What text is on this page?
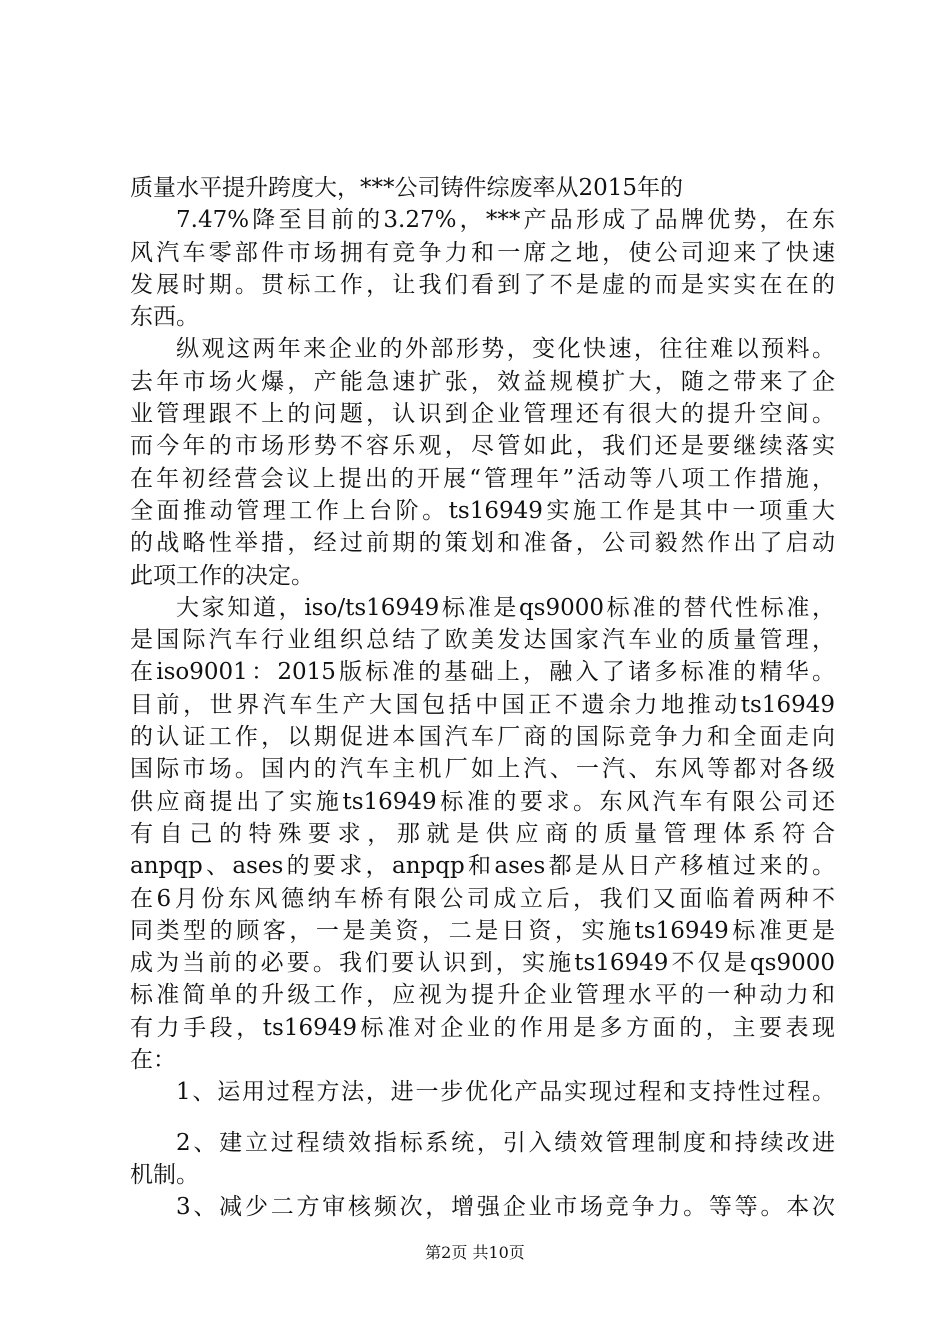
质量水平提升跨度大，***公司铸件综废率从2015年的
7.47%降至目前的3.27%，***产品形成了品牌优势，在东
风汽车零部件市场拥有竞争力和一席之地，使公司迎来了快速
发展时期。贯标工作，让我们看到了不是虚的而是实实在在的
东西。
纵观这两年来企业的外部形势，变化快速，往往难以预料。
去年市场火爆，产能急速扩张，效益规模扩大，随之带来了企
业管理跟不上的问题，认识到企业管理还有很大的提升空间。
而今年的市场形势不容乐观，尽管如此，我们还是要继续落实
在年初经营会议上提出的开展“管理年”活动等八项工作措施，
全面推动管理工作上台阶。ts16949实施工作是其中一项重大
的战略性举措，经过前期的策划和准备，公司毅然作出了启动
此项工作的决定。
大家知道，iso/ts16949标准是qs9000标准的替代性标准，
是国际汽车行业组织总结了欧美发达国家汽车业的质量管理，
在iso9001：2015版标准的基础上，融入了诸多标准的精华。
目前，世界汽车生产大国包括中国正不遗余力地推动ts16949
的认证工作，以期促进本国汽车厂商的国际竞争力和全面走向
国际市场。国内的汽车主机厂如上汽、一汽、东风等都对各级
供应商提出了实施ts16949标准的要求。东风汽车有限公司还
有自己的特殊要求，那就是供应商的质量管理体系符合
anpqp、ases的要求，anpqp和ases都是从日产移植过来的。
在6月份东风德纳车桥有限公司成立后，我们又面临着两种不
同类型的顾客，一是美资，二是日资，实施ts16949标准更是
成为当前的必要。我们要认识到，实施ts16949不仅是qs9000
标准简单的升级工作，应视为提升企业管理水平的一种动力和
有力手段，ts16949标准对企业的作用是多方面的，主要表现
在：
1、运用过程方法，进一步优化产品实现过程和支持性过程。
2、建立过程绩效指标系统，引入绩效管理制度和持续改进
机制。
3、减少二方审核频次，增强企业市场竞争力。等等。本次
第2页 共10页
